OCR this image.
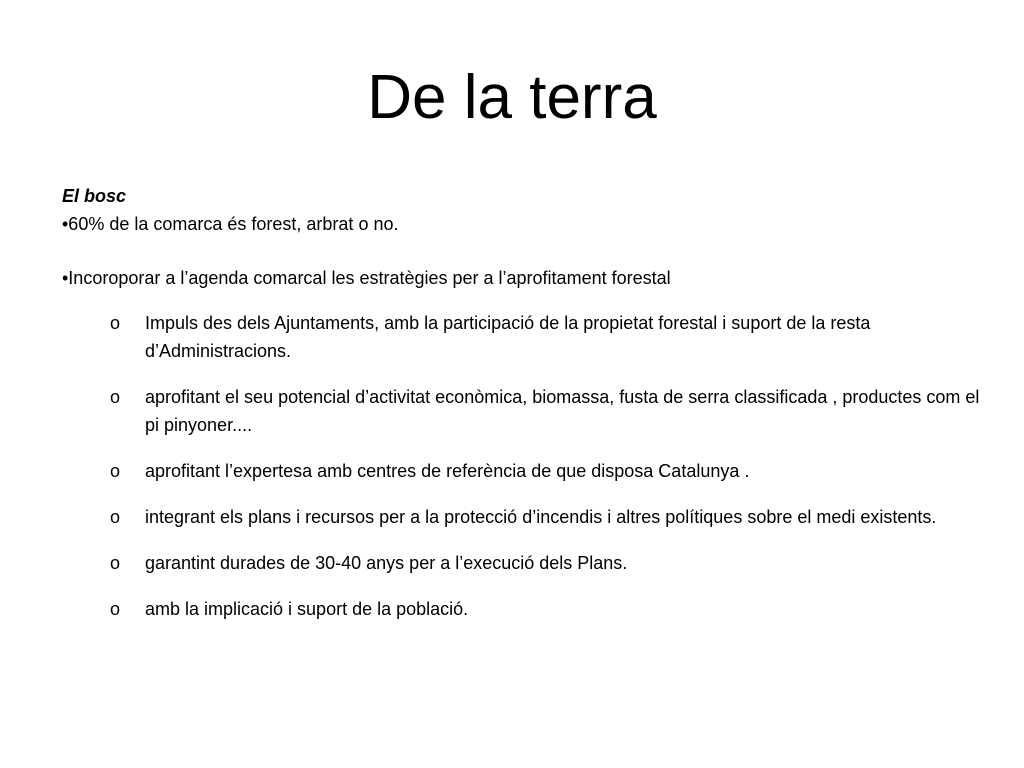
De la terra

El bosc

•60% de la comarca és forest, arbrat o no.

•Incoroporar a l’agenda comarcal les estratègies per a l’aprofitament forestal

o Impuls des dels Ajuntaments, amb la participació de la propietat forestal i suport de la resta d’Administracions.
o aprofitant el seu potencial d’activitat econòmica, biomassa, fusta de serra classificada , productes com el pi pinyoner....
o aprofitant l’expertesa amb centres de referència de que disposa Catalunya .
o integrant els plans i recursos per a la protecció d’incendis i altres polítiques sobre el medi existents.
o garantint durades de 30-40 anys per a l’execució dels Plans.
o amb la implicació i suport de la població.
